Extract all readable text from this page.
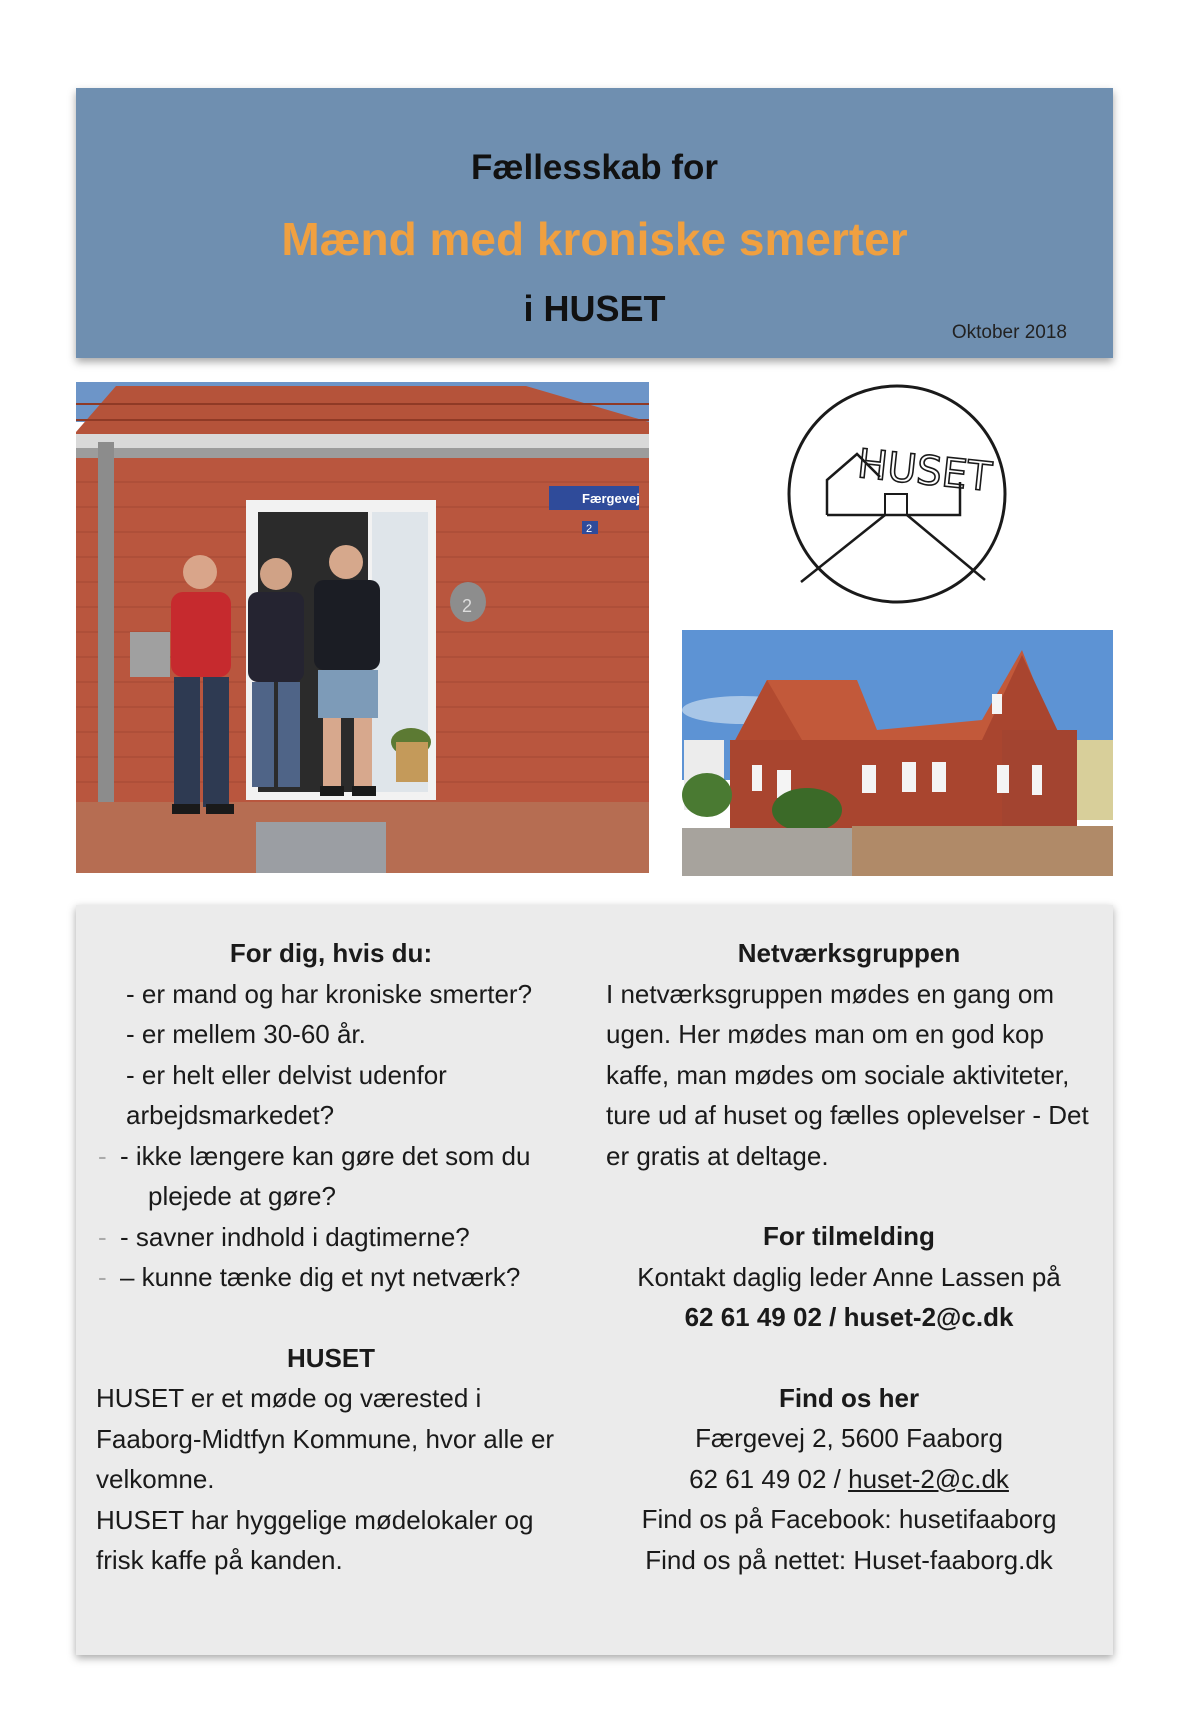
Fællesskab for
Mænd med kroniske smerter
i HUSET
Oktober 2018
Færgevej
2
2
HUSET
For dig, hvis du:
- er mand og har kroniske smerter?
- er mellem 30-60 år.
- er helt eller delvist udenfor
arbejdsmarkedet?
- - ikke længere kan gøre det som du
plejede at gøre?
- - savner indhold i dagtimerne?
- – kunne tænke dig et nyt netværk?
HUSET
HUSET er et møde og værested i Faaborg-Midtfyn Kommune, hvor alle er velkomne.
HUSET har hyggelige mødelokaler og frisk kaffe på kanden.
Netværksgruppen
I netværksgruppen mødes en gang om ugen. Her mødes man om en god kop kaffe, man mødes om sociale aktiviteter, ture ud af huset og fælles oplevelser - Det er gratis at deltage.
For tilmelding
Kontakt daglig leder Anne Lassen på
62 61 49 02 / huset-2@c.dk
Find os her
Færgevej 2, 5600 Faaborg
62 61 49 02 / huset-2@c.dk
Find os på Facebook: husetifaaborg
Find os på nettet: Huset-faaborg.dk
